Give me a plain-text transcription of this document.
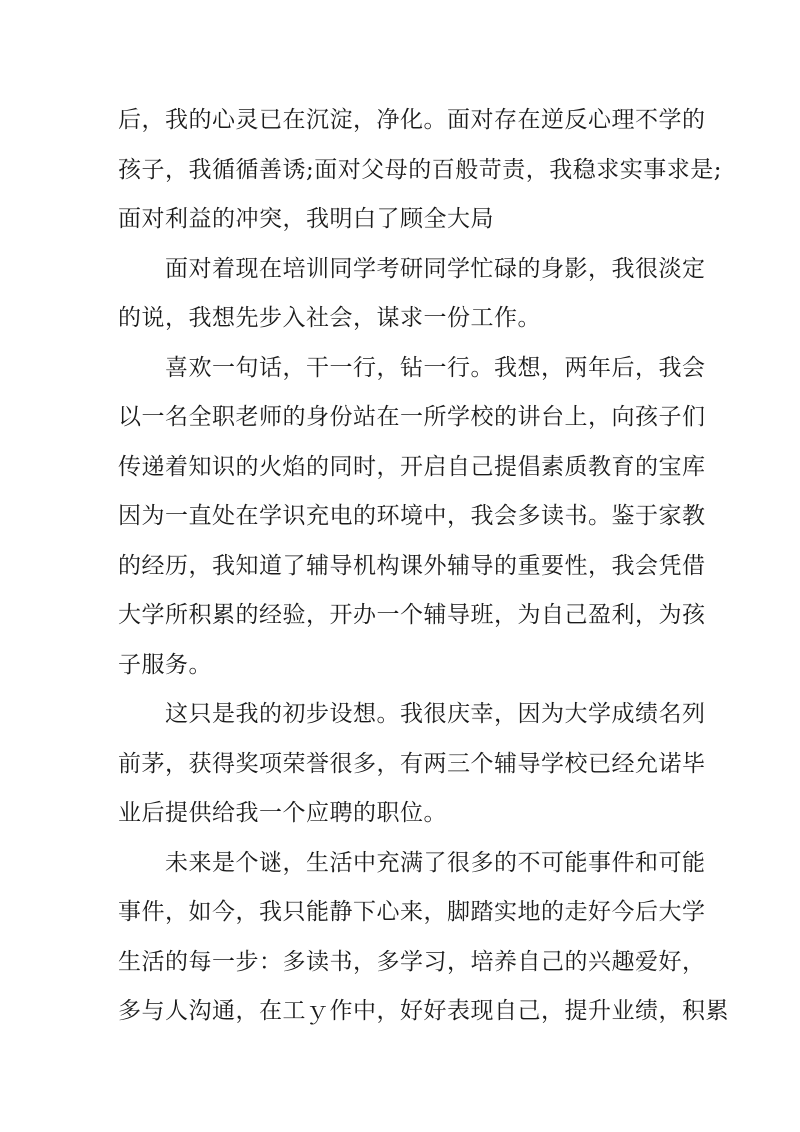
后，我的心灵已在沉淀，净化。面对存在逆反心理不学的
孩子，我循循善诱;面对父母的百般苛责，我稳求实事求是;
面对利益的冲突，我明白了顾全大局
面对着现在培训同学考研同学忙碌的身影，我很淡定
的说，我想先步入社会，谋求一份工作。
喜欢一句话，干一行，钻一行。我想，两年后，我会
以一名全职老师的身份站在一所学校的讲台上，向孩子们
传递着知识的火焰的同时，开启自己提倡素质教育的宝库
因为一直处在学识充电的环境中，我会多读书。鉴于家教
的经历，我知道了辅导机构课外辅导的重要性，我会凭借
大学所积累的经验，开办一个辅导班，为自己盈利，为孩
子服务。
这只是我的初步设想。我很庆幸，因为大学成绩名列
前茅，获得奖项荣誉很多，有两三个辅导学校已经允诺毕
业后提供给我一个应聘的职位。
未来是个谜，生活中充满了很多的不可能事件和可能
事件，如今，我只能静下心来，脚踏实地的走好今后大学
生活的每一步：多读书，多学习，培养自己的兴趣爱好，
多与人沟通，在工ｙ作中，好好表现自己，提升业绩，积累
